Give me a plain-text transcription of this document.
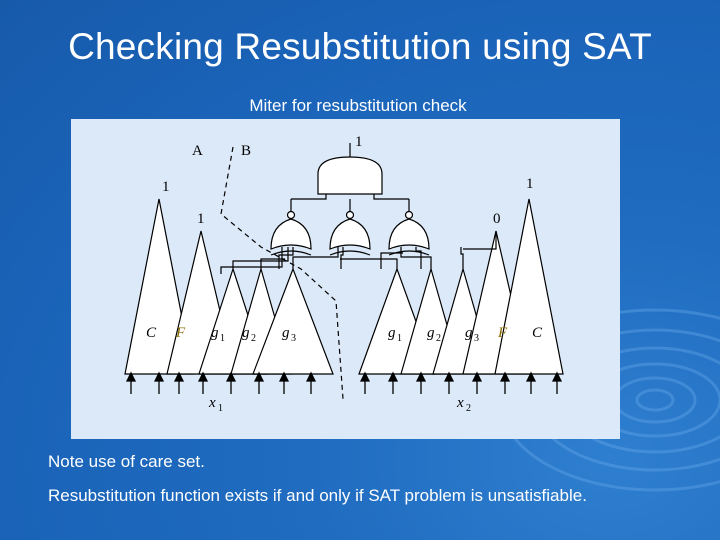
Checking Resubstitution using SAT
Miter for resubstitution check
A	B
1
1
1
1
0
C F g 1 g 2 g 3	g 1 g 2 g 3 F C
x 1	x 2
Note use of care set.
Resubstitution function exists if and only if SAT problem is unsatisfiable.
